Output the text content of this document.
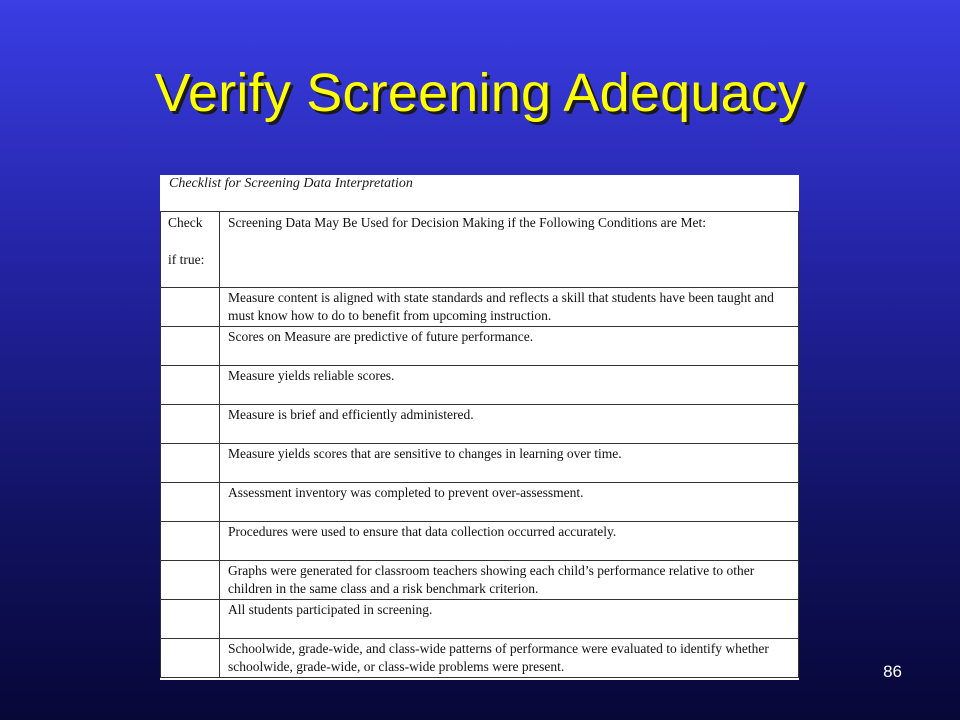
Verify Screening Adequacy
Checklist for Screening Data Interpretation
Check
if true:	Screening Data May Be Used for Decision Making if the Following Conditions are Met:

	Measure content is aligned with state standards and reflects a skill that students have been taught and must know how to do to benefit from upcoming instruction.

	Scores on Measure are predictive of future performance.

	Measure yields reliable scores.

	Measure is brief and efficiently administered.

	Measure yields scores that are sensitive to changes in learning over time.

	Assessment inventory was completed to prevent over-assessment.

	Procedures were used to ensure that data collection occurred accurately.

	Graphs were generated for classroom teachers showing each child’s performance relative to other children in the same class and a risk benchmark criterion.

	All students participated in screening.

	Schoolwide, grade-wide, and class-wide patterns of performance were evaluated to identify whether schoolwide, grade-wide, or class-wide problems were present.	86
